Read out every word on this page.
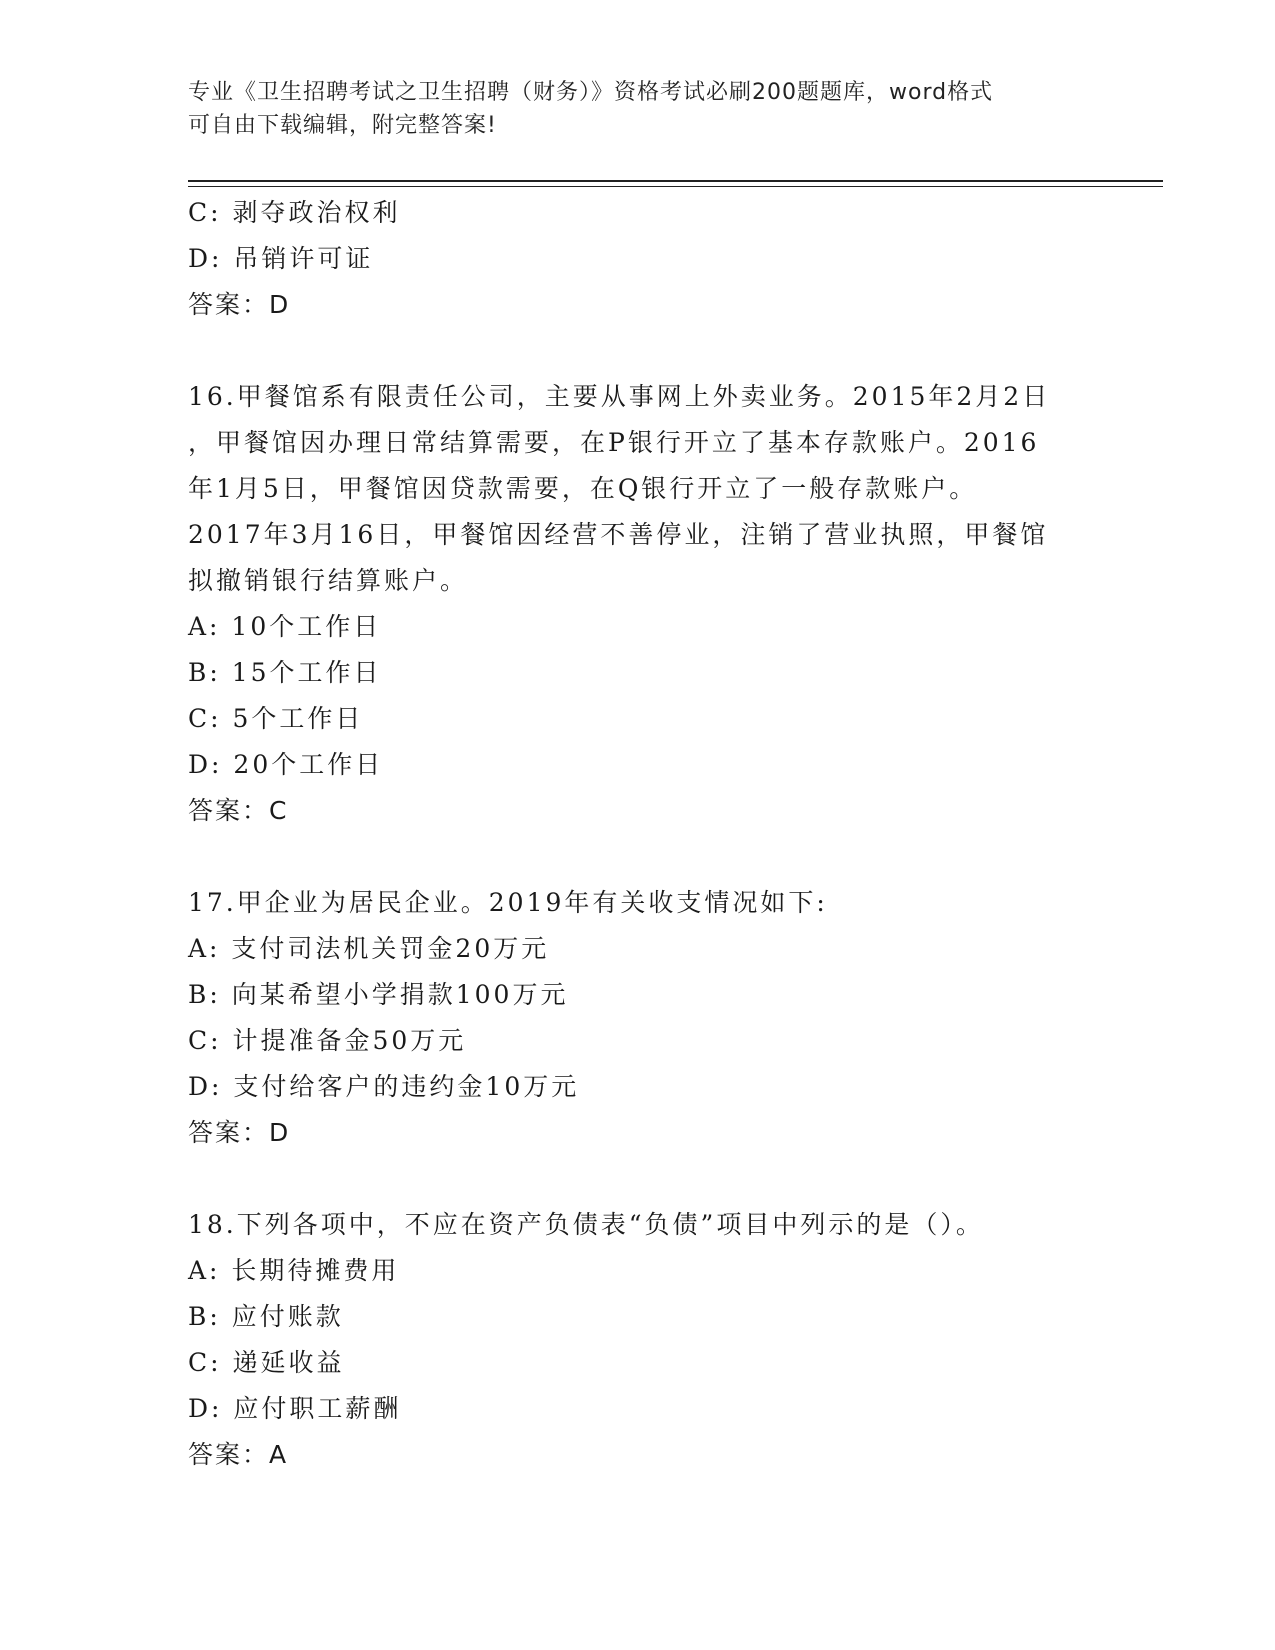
专业《卫生招聘考试之卫生招聘（财务）》资格考试必刷200题题库，word格式
可自由下载编辑，附完整答案!
C: 剥夺政治权利
D: 吊销许可证
答案：D
16.甲餐馆系有限责任公司，主要从事网上外卖业务。2015年2月2日
，甲餐馆因办理日常结算需要，在P银行开立了基本存款账户。2016
年1月5日，甲餐馆因贷款需要，在Q银行开立了一般存款账户。
2017年3月16日，甲餐馆因经营不善停业，注销了营业执照，甲餐馆
拟撤销银行结算账户。
A: 10个工作日
B: 15个工作日
C: 5个工作日
D: 20个工作日
答案：C
17.甲企业为居民企业。2019年有关收支情况如下:
A: 支付司法机关罚金20万元
B: 向某希望小学捐款100万元
C: 计提准备金50万元
D: 支付给客户的违约金10万元
答案：D
18.下列各项中，不应在资产负债表“负债”项目中列示的是（）。
A: 长期待摊费用
B: 应付账款
C: 递延收益
D: 应付职工薪酬
答案：A
